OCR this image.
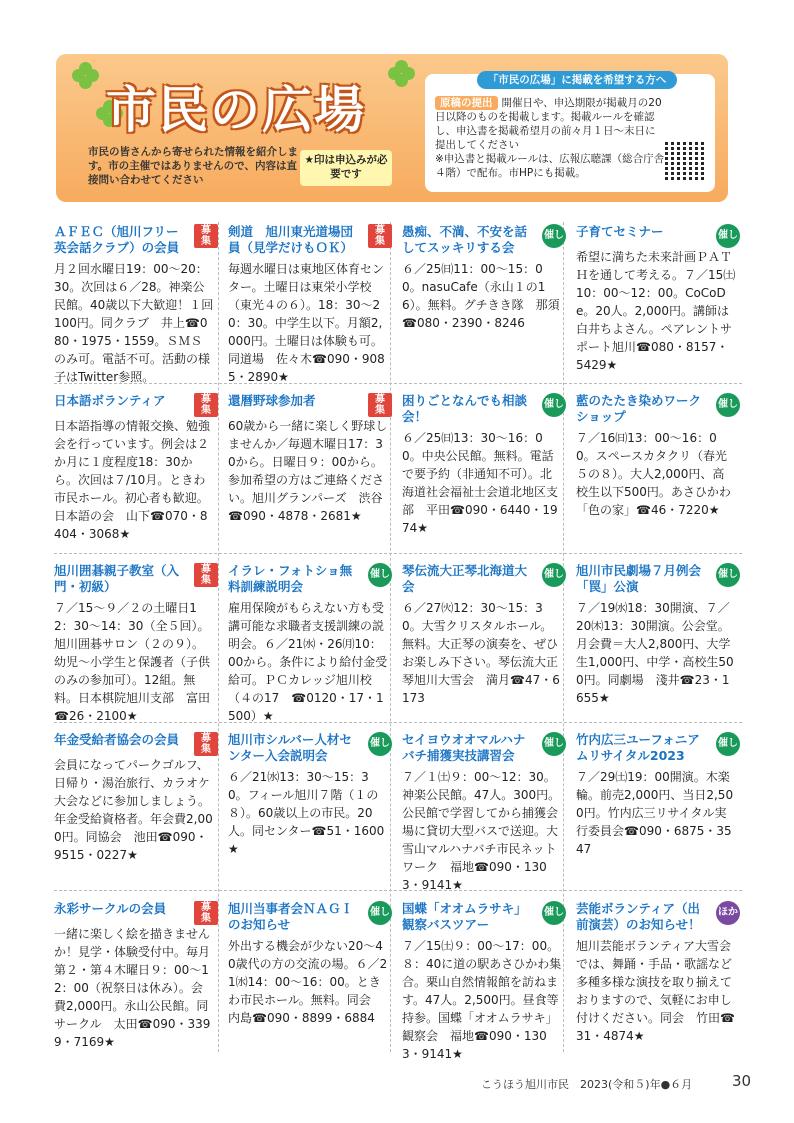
「市民の広場」に掲載を希望する方へ
原稿の提出 開催日や、申込期限が掲載月の20日以降のものを掲載します。掲載ルールを確認し、申込書を掲載希望月の前々月１日〜末日に提出してください
※申込書と掲載ルールは、広報広聴課（総合庁舎４階）で配布。市HPにも掲載。
市民の広場
市民の皆さんから寄せられた情報を紹介します。市の主催ではありませんので、内容は直接問い合わせてください
★印は申込みが必要です
ＡＦＥＣ（旭川フリー英会話クラブ）の会員
募
集
月２回水曜日19：00〜20：30。次回は６／28。神楽公民館。40歳以下大歓迎！１回100円。同クラブ　井上☎080・1975・1559。ＳＭＳのみ可。電話不可。活動の様子はTwitter参照。
日本語ボランティア	募
集
日本語指導の情報交換、勉強会を行っています。例会は２か月に１度程度18：30から。次回は７/10月。ときわ市民ホール。初心者も歓迎。日本語の会　山下☎070・8404・3068★
旭川囲碁親子教室（入門・初級）
募
集
７／15〜９／２の土曜日12：30〜14：30（全５回）。旭川囲碁サロン（２の９）。幼児〜小学生と保護者（子供のみの参加可）。12組。無料。日本棋院旭川支部　富田☎26・2100★
年金受給者協会の会員	募
集
会員になってパークゴルフ、日帰り・湯治旅行、カラオケ大会などに参加しましょう。年金受給資格者。年会費2,000円。同協会　池田☎090・9515・0227★
永彩サークルの会員	募
集
一緒に楽しく絵を描きませんか！見学・体験受付中。毎月第２・第４木曜日９：00〜12：00（祝祭日は休み）。会費2,000円。永山公民館。同サークル　太田☎090・3399・7169★
剣道　旭川東光道場団員（見学だけもＯＫ）
募
集
毎週水曜日は東地区体育センター。土曜日は東栄小学校（東光４の６）。18：30〜20：30。中学生以下。月額2,000円。土曜日は体験も可。同道場　佐々木☎090・9085・2890★
還暦野球参加者	募
集
60歳から一緒に楽しく野球しませんか／毎週木曜日17：30から。日曜日９：00から。参加希望の方はご連絡ください。旭川グランパーズ　渋谷☎090・4878・2681★
イラレ・フォトショ無料訓練説明会
催し
雇用保険がもらえない方も受講可能な求職者支援訓練の説明会。６／21㈬・26㈪10：00から。条件により給付金受給可。ＰＣカレッジ旭川校（４の17　☎0120・17・1500）★
旭川市シルバー人材センター入会説明会
催し
６／21㈬13：30〜15：30。フィール旭川７階（１の８）。60歳以上の市民。20人。同センター☎51・1600★
旭川当事者会ＮＡＧＩのお知らせ
催し
外出する機会が少ない20〜40歳代の方の交流の場。６／21㈬14：00〜16：00。ときわ市民ホール。無料。同会　内島☎090・8899・6884
愚痴、不満、不安を話してスッキリする会
催し
６／25㈰11：00〜15：00。nasuCafe（永山１の16）。無料。グチきき隊　那須☎080・2390・8246
困りごとなんでも相談会！
催し
６／25㈰13：30〜16：00。中央公民館。無料。電話で要予約（非通知不可）。北海道社会福祉士会道北地区支部　平田☎090・6440・1974★
琴伝流大正琴北海道大会
催し
６／27㈫12：30〜15：30。大雪クリスタルホール。無料。大正琴の演奏を、ぜひお楽しみ下さい。琴伝流大正琴旭川大雪会　満月☎47・6173
セイヨウオオマルハナバチ捕獲実技講習会
催し
７／１㈯９：00〜12：30。神楽公民館。47人。300円。公民館で学習してから捕獲会場に貸切大型バスで送迎。大雪山マルハナバチ市民ネットワーク　福地☎090・1303・9141★
国蝶「オオムラサキ」観察バスツアー
催し
７／15㈯９：00〜17：00。８：40に道の駅あさひかわ集合。栗山自然情報館を訪ねます。47人。2,500円。昼食等持参。国蝶「オオムラサキ」観察会　福地☎090・1303・9141★
子育てセミナー	催し
希望に満ちた未来計画ＰＡＴＨを通して考える。７／15㈯10：00〜12：00。CoCoDe。20人。2,000円。講師は白井ちよさん。ペアレントサポート旭川☎080・8157・5429★
藍のたたき染めワークショップ
催し
７／16㈰13：00〜16：00。スペースカタクリ（春光５の８）。大人2,000円、高校生以下500円。あさひかわ「色の家」☎46・7220★
旭川市民劇場７月例会「罠」公演
催し
７／19㈬18：30開演、７／20㈭13：30開演。公会堂。月会費＝大人2,800円、大学生1,000円、中学・高校生500円。同劇場　淺井☎23・1655★
竹内広三ユーフォニアムリサイタル2023
催し
７／29㈯19：00開演。木楽輪。前売2,000円、当日2,500円。竹内広三リサイタル実行委員会☎090・6875・3547
芸能ボランティア（出前演芸）のお知らせ！
ほか
旭川芸能ボランティア大雪会では、舞踊・手品・歌謡など多種多様な演技を取り揃えておりますので、気軽にお申し付けください。同会　竹田☎31・4874★
こうほう旭川市民　2023(令和５)年●６月	30
